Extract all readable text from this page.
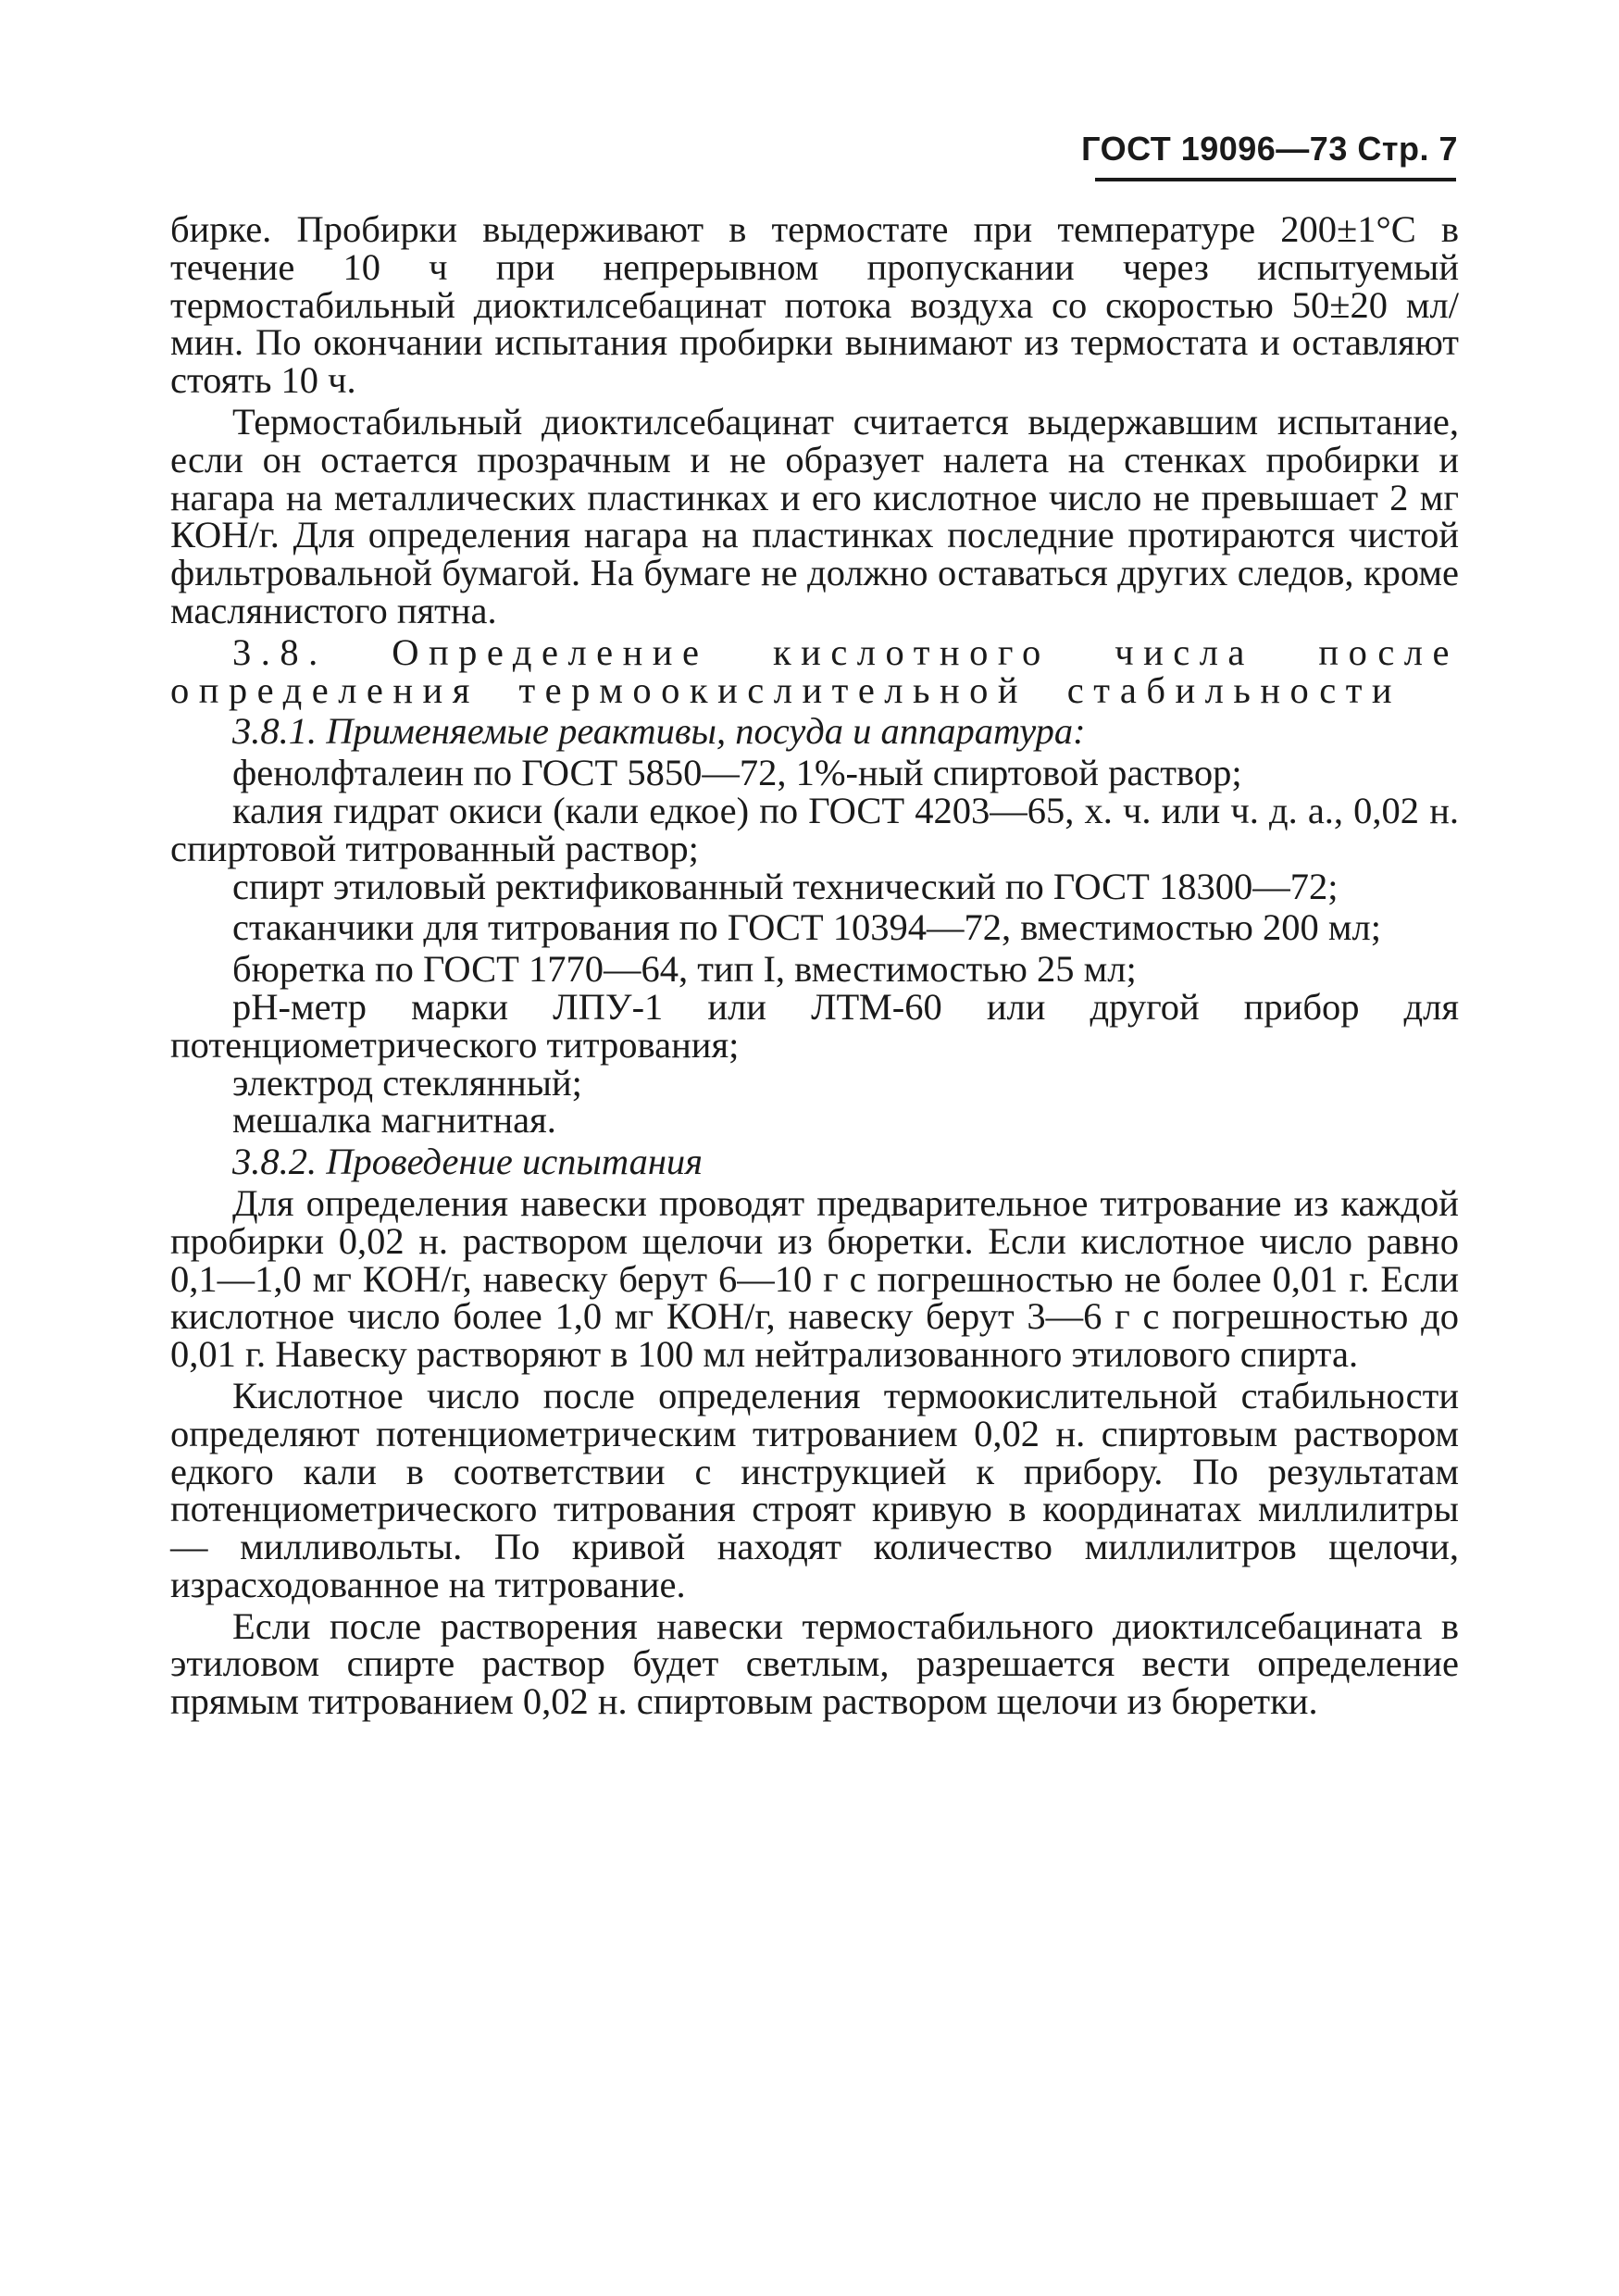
ГОСТ 19096—73 Стр. 7

бирке. Пробирки выдерживают в термостате при температуре 200±1°С в течение 10 ч при непрерывном пропускании через испытуемый термостабильный диоктилсебацинат потока воздуха со скоростью 50±20 мл/мин. По окончании испытания пробирки вынимают из термостата и оставляют стоять 10 ч.

Термостабильный диоктилсебацинат считается выдержавшим испытание, если он остается прозрачным и не образует налета на стенках пробирки и нагара на металлических пластинках и его кислотное число не превышает 2 мг КОН/г. Для определения нагара на пластинках последние протираются чистой фильтровальной бумагой. На бумаге не должно оставаться других следов, кроме маслянистого пятна.

3.8. Определение кислотного числа после определения термоокислительной стабильности

3.8.1. Применяемые реактивы, посуда и аппаратура:

фенолфталеин по ГОСТ 5850—72, 1%-ный спиртовой раствор;

калия гидрат окиси (кали едкое) по ГОСТ 4203—65, х. ч. или ч. д. а., 0,02 н. спиртовой титрованный раствор;

спирт этиловый ректификованный технический по ГОСТ 18300—72;

стаканчики для титрования по ГОСТ 10394—72, вместимостью 200 мл;

бюретка по ГОСТ 1770—64, тип I, вместимостью 25 мл;

рН-метр марки ЛПУ-1 или ЛТМ-60 или другой прибор для потенциометрического титрования;

электрод стеклянный;

мешалка магнитная.

3.8.2. Проведение испытания

Для определения навески проводят предварительное титрование из каждой пробирки 0,02 н. раствором щелочи из бюретки. Если кислотное число равно 0,1—1,0 мг КОН/г, навеску берут 6—10 г с погрешностью не более 0,01 г. Если кислотное число более 1,0 мг КОН/г, навеску берут 3—6 г с погрешностью до 0,01 г. Навеску растворяют в 100 мл нейтрализованного этилового спирта.

Кислотное число после определения термоокислительной стабильности определяют потенциометрическим титрованием 0,02 н. спиртовым раствором едкого кали в соответствии с инструкцией к прибору. По результатам потенциометрического титрования строят кривую в координатах миллилитры — милливольты. По кривой находят количество миллилитров щелочи, израсходованное на титрование.

Если после растворения навески термостабильного диоктилсебацината в этиловом спирте раствор будет светлым, разрешается вести определение прямым титрованием 0,02 н. спиртовым раствором щелочи из бюретки.
